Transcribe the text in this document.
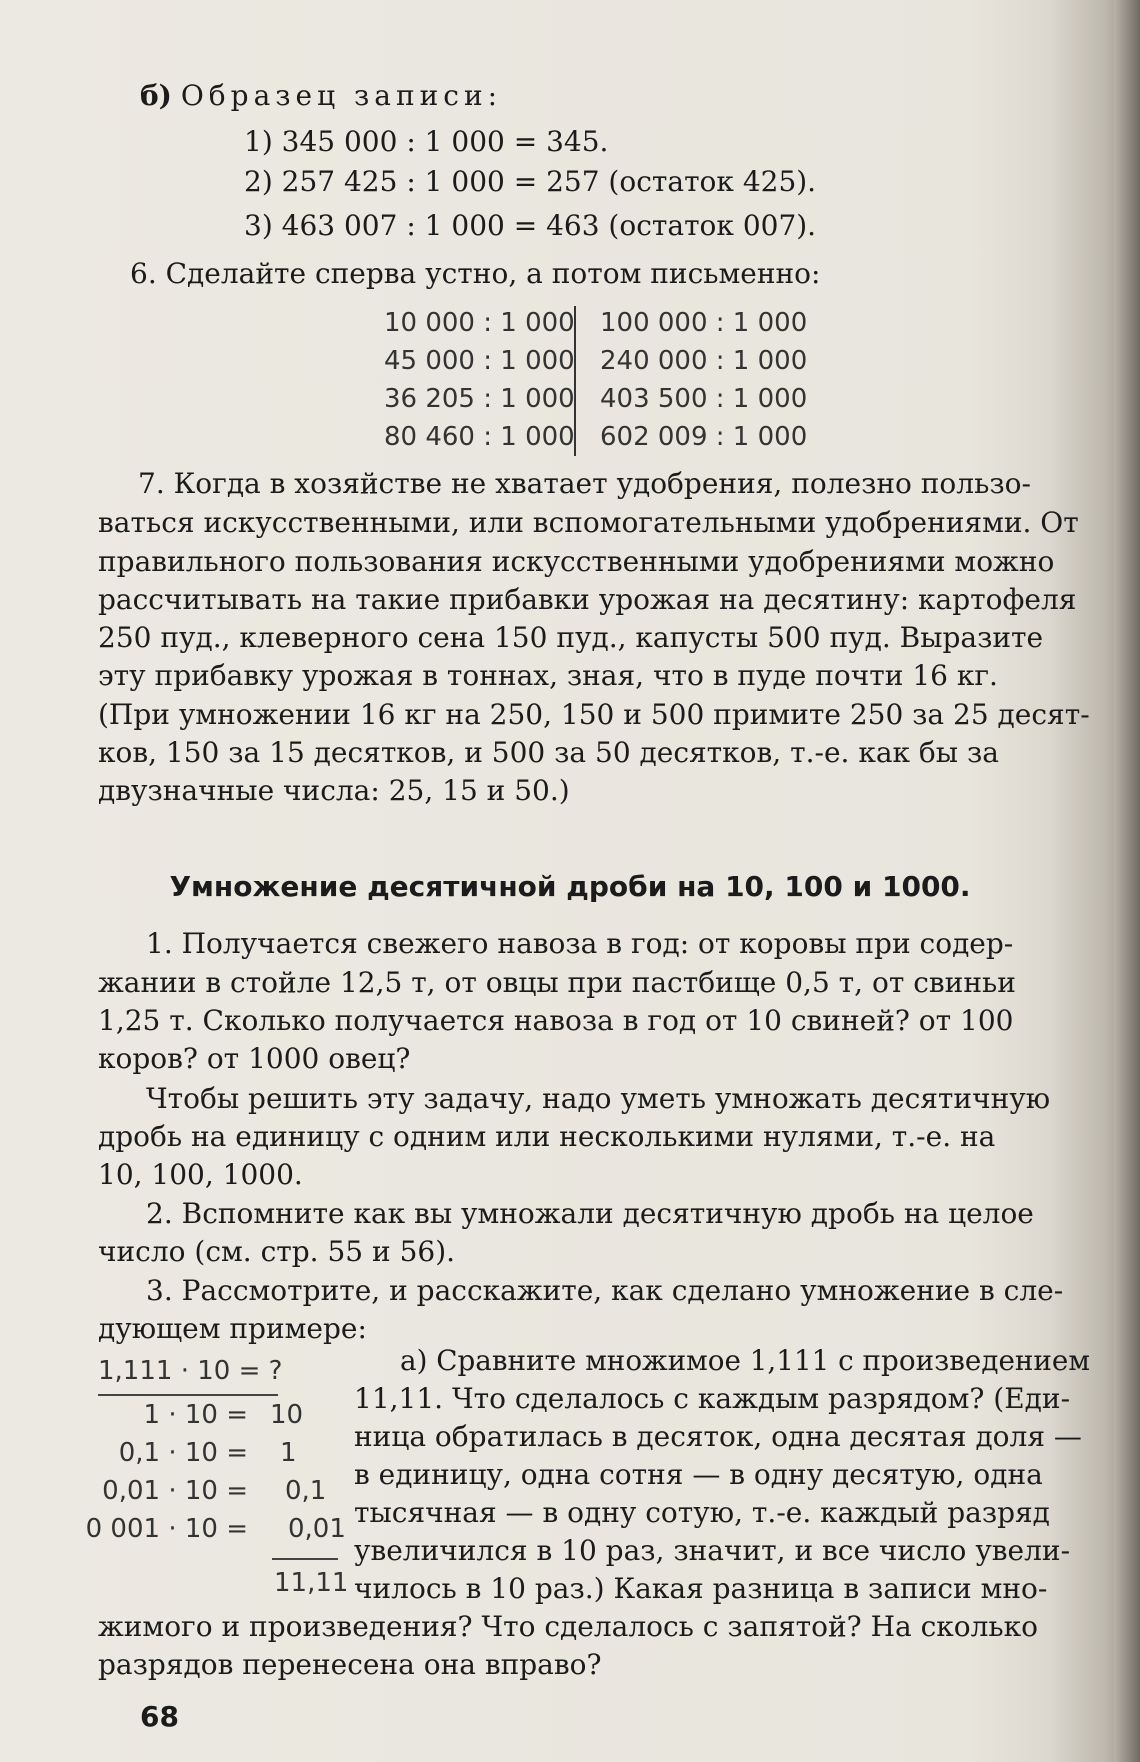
б) Образец записи:
1) 345 000 : 1 000 = 345.
2) 257 425 : 1 000 = 257 (остаток 425).
3) 463 007 : 1 000 = 463 (остаток 007).
6. Сделайте сперва устно, а потом письменно:
10 000 : 1 000
45 000 : 1 000
36 205 : 1 000
80 460 : 1 000
100 000 : 1 000
240 000 : 1 000
403 500 : 1 000
602 009 : 1 000
7. Когда в хозяйстве не хватает удобрения, полезно пользо-
ваться искусственными, или вспомогательными удобрениями. От
правильного пользования искусственными удобрениями можно
рассчитывать на такие прибавки урожая на десятину: картофеля
250 пуд., клеверного сена 150 пуд., капусты 500 пуд. Выразите
эту прибавку урожая в тоннах, зная, что в пуде почти 16 кг.
(При умножении 16 кг на 250, 150 и 500 примите 250 за 25 десят-
ков, 150 за 15 десятков, и 500 за 50 десятков, т.-е. как бы за
двузначные числа: 25, 15 и 50.)
Умножение десятичной дроби на 10, 100 и 1000.
1. Получается свежего навоза в год: от коровы при содер-
жании в стойле 12,5 т, от овцы при пастбище 0,5 т, от свиньи
1,25 т. Сколько получается навоза в год от 10 свиней? от 100
коров? от 1000 овец?
Чтобы решить эту задачу, надо уметь умножать десятичную
дробь на единицу с одним или несколькими нулями, т.-е. на
10, 100, 1000.
2. Вспомните как вы умножали десятичную дробь на целое
число (см. стр. 55 и 56).
3. Рассмотрите, и расскажите, как сделано умножение в сле-
дующем примере:
1,111 · 10 = ?
1 · 10 = 10
0,1 · 10 = 1
0,01 · 10 = 0,1
0 001 · 10 = 0,01
11,11
а) Сравните множимое 1,111 с произведением
11,11. Что сделалось с каждым разрядом? (Еди-
ница обратилась в десяток, одна десятая доля —
в единицу, одна сотня — в одну десятую, одна
тысячная — в одну сотую, т.-е. каждый разряд
увеличился в 10 раз, значит, и все число увели-
чилось в 10 раз.) Какая разница в записи мно-
жимого и произведения? Что сделалось с запятой? На сколько
разрядов перенесена она вправо?
68
